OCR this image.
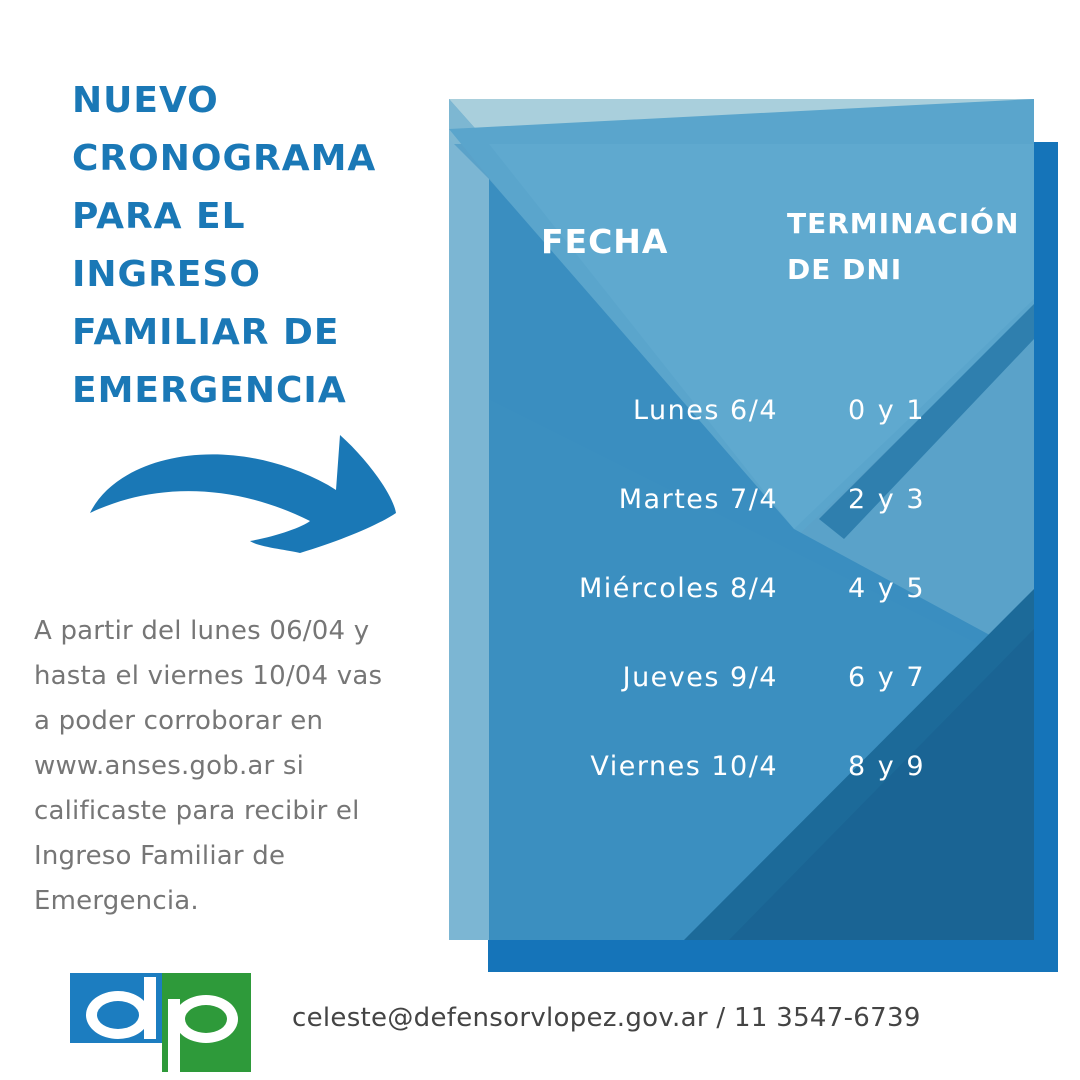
NUEVO
CRONOGRAMA
PARA EL
INGRESO
FAMILIAR DE
EMERGENCIA
A partir del lunes 06/04 y
hasta el viernes 10/04 vas
a poder corroborar en
www.anses.gob.ar si
calificaste para recibir el
Ingreso Familiar de
Emergencia.
FECHA	TERMINACIÓN
DE DNI
Lunes 6/4	0 y 1
Martes 7/4	2 y 3
Miércoles 8/4	4 y 5
Jueves 9/4	6 y 7
Viernes 10/4	8 y 9
celeste@defensorvlopez.gov.ar / 11 3547-6739
